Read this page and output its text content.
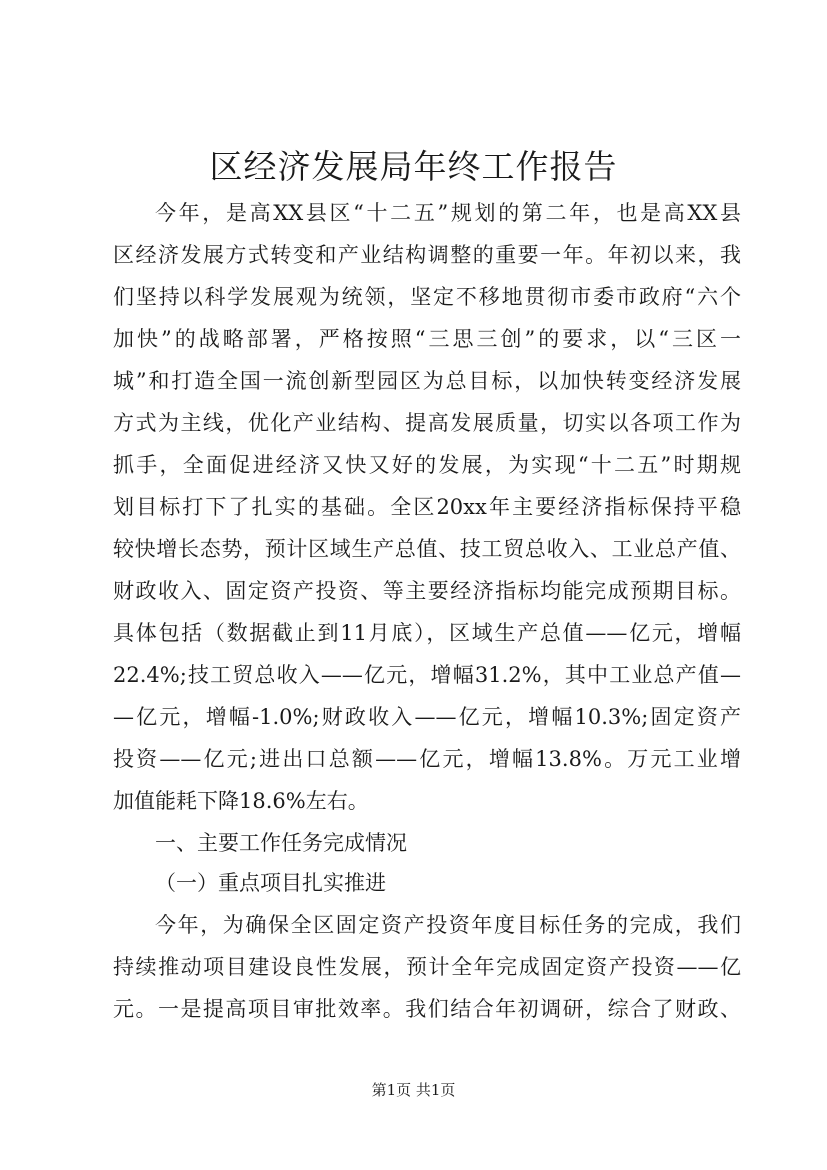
区经济发展局年终工作报告

今年，是高XX县区“十二五”规划的第二年，也是高XX县

区经济发展方式转变和产业结构调整的重要一年。年初以来，我

们坚持以科学发展观为统领，坚定不移地贯彻市委市政府“六个

加快”的战略部署，严格按照“三思三创”的要求，以“三区一

城”和打造全国一流创新型园区为总目标，以加快转变经济发展

方式为主线，优化产业结构、提高发展质量，切实以各项工作为

抓手，全面促进经济又快又好的发展，为实现“十二五”时期规

划目标打下了扎实的基础。全区20xx年主要经济指标保持平稳

较快增长态势，预计区域生产总值、技工贸总收入、工业总产值、

财政收入、固定资产投资、等主要经济指标均能完成预期目标。

具体包括（数据截止到11月底），区域生产总值——亿元，增幅

22.4%;技工贸总收入——亿元，增幅31.2%，其中工业总产值—

—亿元，增幅-1.0%;财政收入——亿元，增幅10.3%;固定资产

投资——亿元;进出口总额——亿元，增幅13.8%。万元工业增

加值能耗下降18.6%左右。

一、主要工作任务完成情况

（一）重点项目扎实推进

今年，为确保全区固定资产投资年度目标任务的完成，我们

持续推动项目建设良性发展，预计全年完成固定资产投资——亿

元。一是提高项目审批效率。我们结合年初调研，综合了财政、

第1页 共1页
